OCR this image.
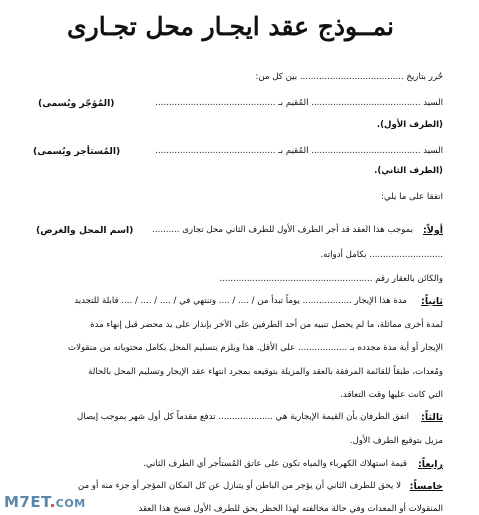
نمــوذج عقد ايجـار محل تجـارى
حُرر بتاريخ ...................................... بين كل من:
السيد ........................................ المُقيم بـ ............................................
(المُؤجّر ويُسمى)
(الطرف الأول).
السيد ........................................ المُقيم بـ ............................................
(المُستأجر ويُسمى)
(الطرف الثاني).
اتفقا على ما يلي:
أولاً:
بموجب هذا العقد قد أجر الطرف الأول للطرف الثاني محل تجارى ..........
(اسم المحل والغرض)
........................... بكامل أدواته.
والكائن بالعقار رقم ........................................................
ثانياً:
مدة هذا الإيجار .................. يوماً تبدأ من / .... / .... وتنتهي في / .... / .... / .... قابلة للتجديد
لمدة أخرى مماثلة، ما لم يحصل تنبيه من أحد الطرفين على الآخر بإنذار على يد محضر قبل إنهاء مدة
الإيجار أو أية مدة مجدده بـ .................. على الأقل. هذا ويلزم بتسليم المحل بكامل محتوياته من منقولات
ومُعدات، طبقاً للقائمة المرفقة بالعقد والمزيلة بتوقيعه بمجرد انتهاء عقد الإيجار وتسليم المحل بالحالة
التي كانت عليها وقت التعاقد.
ثالثاً:
اتفق الطرفان بأن القيمة الإيجارية هي .................... تدفع مقدماً كل أول شهر بموجب إيصال
مزيل بتوقيع الطرف الأول.
رابعاً:
قيمة استهلاك الكهرباء والمياه تكون على عاتق المُستأجر أي الطرف الثاني.
خامساً:
لا يحق للطرف الثاني أن يؤجر من الباطن أو يتنازل عن كل المكان المؤجر أو جزء منه أو من
المنقولات أو المعدات وفي حالة مخالفته لهذا الحظر يحق للطرف الأول فسخ هذا العقد
M7ET.COM
